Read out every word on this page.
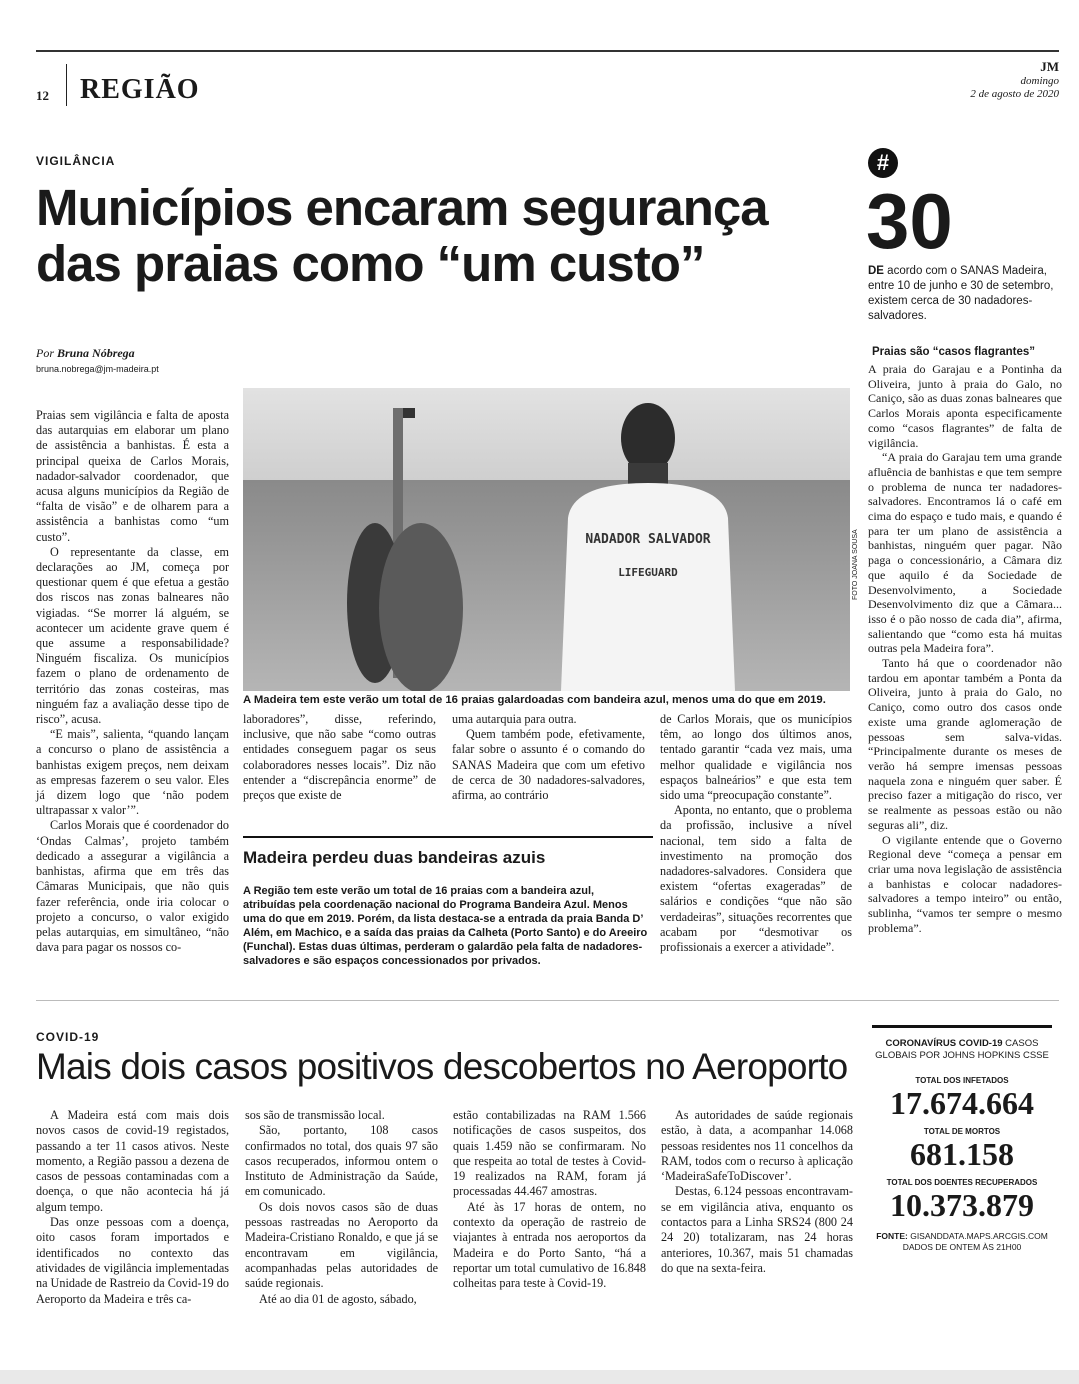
12 REGIÃO
JM
domingo
2 de agosto de 2020
VIGILÂNCIA
Municípios encaram segurança
das praias como “um custo”
#
30
DE acordo com o SANAS Madeira, entre 10 de junho e 30 de setembro, existem cerca de 30 nadadores-salvadores.
Por Bruna Nóbrega
bruna.nobrega@jm-madeira.pt

Praias sem vigilância e falta de aposta das autarquias em elaborar um plano de assistência a banhistas. É esta a principal queixa de Carlos Morais, nadador-salvador coordenador, que acusa alguns municípios da Região de “falta de visão” e de olharem para a assistência a banhistas como “um custo”.

O representante da classe, em declarações ao JM, começa por questionar quem é que efetua a gestão dos riscos nas zonas balneares não vigiadas. “Se morrer lá alguém, se acontecer um acidente grave quem é que assume a responsabilidade? Ninguém fiscaliza. Os municípios fazem o plano de ordenamento de território das zonas costeiras, mas ninguém faz a avaliação desse tipo de risco”, acusa.

“E mais”, salienta, “quando lançam a concurso o plano de assistência a banhistas exigem preços, nem deixam as empresas fazerem o seu valor. Eles já dizem logo que ‘não podem ultrapassar x valor’”.

Carlos Morais que é coordenador do ‘Ondas Calmas’, projeto também dedicado a assegurar a vigilância a banhistas, afirma que em três das Câmaras Municipais, que não quis fazer referência, onde iria colocar o projeto a concurso, o valor exigido pelas autarquias, em simultâneo, “não dava para pagar os nossos co-

NADADOR SALVADOR
LIFEGUARD	FOTO JOANA SOUSA
A Madeira tem este verão um total de 16 praias galardoadas com bandeira azul, menos uma do que em 2019.

laboradores”, disse, referindo, inclusive, que não sabe “como outras entidades conseguem pagar os seus colaboradores nesses locais”. Diz não entender a “discrepância enorme” de preços que existe de

uma autarquia para outra.

Quem também pode, efetivamente, falar sobre o assunto é o comando do SANAS Madeira que com um efetivo de cerca de 30 nadadores-salvadores, afirma, ao contrário

de Carlos Morais, que os municípios têm, ao longo dos últimos anos, tentado garantir “cada vez mais, uma melhor qualidade e vigilância nos espaços balneários” e que esta tem sido uma “preocupação constante”.

Aponta, no entanto, que o problema da profissão, inclusive a nível nacional, tem sido a falta de investimento na promoção dos nadadores-salvadores. Considera que existem “ofertas exageradas” de salários e condições “que não são verdadeiras”, situações recorrentes que acabam por “desmotivar os profissionais a exercer a atividade”.

Madeira perdeu duas bandeiras azuis
A Região tem este verão um total de 16 praias com a bandeira azul, atribuídas pela coordenação nacional do Programa Bandeira Azul. Menos uma do que em 2019. Porém, da lista destaca-se a entrada da praia Banda D’ Além, em Machico, e a saída das praias da Calheta (Porto Santo) e do Areeiro (Funchal). Estas duas últimas, perderam o galardão pela falta de nadadores-salvadores e são espaços concessionados por privados.
Praias são “casos flagrantes”

A praia do Garajau e a Pontinha da Oliveira, junto à praia do Galo, no Caniço, são as duas zonas balneares que Carlos Morais aponta especificamente como “casos flagrantes” de falta de vigilância.

“A praia do Garajau tem uma grande afluência de banhistas e que tem sempre o problema de nunca ter nadadores-salvadores. Encontramos lá o café em cima do espaço e tudo mais, e quando é para ter um plano de assistência a banhistas, ninguém quer pagar. Não paga o concessionário, a Câmara diz que aquilo é da Sociedade de Desenvolvimento, a Sociedade Desenvolvimento diz que a Câmara... isso é o pão nosso de cada dia”, afirma, salientando que “como esta há muitas outras pela Madeira fora”.

Tanto há que o coordenador não tardou em apontar também a Ponta da Oliveira, junto à praia do Galo, no Caniço, como outro dos casos onde existe uma grande aglomeração de pessoas sem salva-vidas. “Principalmente durante os meses de verão há sempre imensas pessoas naquela zona e ninguém quer saber. É preciso fazer a mitigação do risco, ver se realmente as pessoas estão ou não seguras ali”, diz.

O vigilante entende que o Governo Regional deve “começa a pensar em criar uma nova legislação de assistência a banhistas e colocar nadadores-salvadores a tempo inteiro” ou então, sublinha, “vamos ter sempre o mesmo problema”.

COVID-19
Mais dois casos positivos descobertos no Aeroporto

A Madeira está com mais dois novos casos de covid-19 registados, passando a ter 11 casos ativos. Neste momento, a Região passou a dezena de casos de pessoas contaminadas com a doença, o que não acontecia há já algum tempo.

Das onze pessoas com a doença, oito casos foram importados e identificados no contexto das atividades de vigilância implementadas na Unidade de Rastreio da Covid-19 do Aeroporto da Madeira e três ca-

sos são de transmissão local.

São, portanto, 108 casos confirmados no total, dos quais 97 são casos recuperados, informou ontem o Instituto de Administração da Saúde, em comunicado.

Os dois novos casos são de duas pessoas rastreadas no Aeroporto da Madeira-Cristiano Ronaldo, e que já se encontravam em vigilância, acompanhadas pelas autoridades de saúde regionais.

Até ao dia 01 de agosto, sábado,

estão contabilizadas na RAM 1.566 notificações de casos suspeitos, dos quais 1.459 não se confirmaram. No que respeita ao total de testes à Covid-19 realizados na RAM, foram já processadas 44.467 amostras.

Até às 17 horas de ontem, no contexto da operação de rastreio de viajantes à entrada nos aeroportos da Madeira e do Porto Santo, “há a reportar um total cumulativo de 16.848 colheitas para teste à Covid-19.

As autoridades de saúde regionais estão, à data, a acompanhar 14.068 pessoas residentes nos 11 concelhos da RAM, todos com o recurso à aplicação ‘MadeiraSafeToDiscover’.

Destas, 6.124 pessoas encontravam-se em vigilância ativa, enquanto os contactos para a Linha SRS24 (800 24 24 20) totalizaram, nas 24 horas anteriores, 10.367, mais 51 chamadas do que na sexta-feira.

CORONAVÍRUS COVID-19 CASOS GLOBAIS POR JOHNS HOPKINS CSSE
TOTAL DOS INFETADOS
17.674.664
TOTAL DE MORTOS
681.158
TOTAL DOS DOENTES RECUPERADOS
10.373.879
FONTE: GISANDDATA.MAPS.ARCGIS.COM
DADOS DE ONTEM ÀS 21H00
